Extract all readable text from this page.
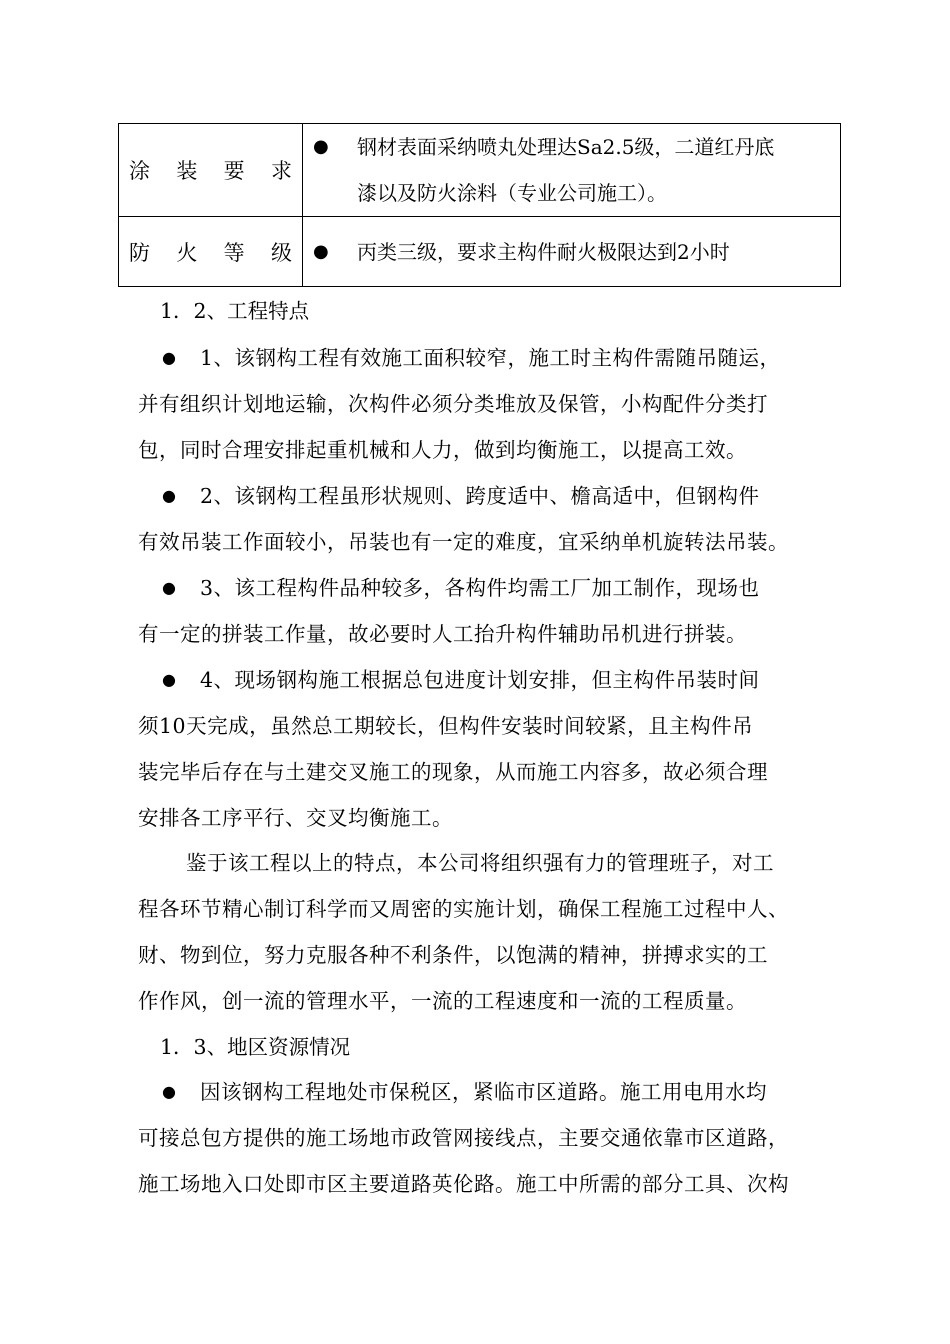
涂 装 要 求	● 钢材表面采纳喷丸处理达Sa2.5级，二道红丹底
漆以及防火涂料（专业公司施工）。

防 火 等 级	● 丙类三级，要求主构件耐火极限达到2小时
1．2、工程特点
● 1、该钢构工程有效施工面积较窄，施工时主构件需随吊随运，
并有组织计划地运输，次构件必须分类堆放及保管，小构配件分类打
包，同时合理安排起重机械和人力，做到均衡施工，以提高工效。
● 2、该钢构工程虽形状规则、跨度适中、檐高适中，但钢构件
有效吊装工作面较小，吊装也有一定的难度，宜采纳单机旋转法吊装。
● 3、该工程构件品种较多，各构件均需工厂加工制作，现场也
有一定的拼装工作量，故必要时人工抬升构件辅助吊机进行拼装。
● 4、现场钢构施工根据总包进度计划安排，但主构件吊装时间
须10天完成，虽然总工期较长，但构件安装时间较紧，且主构件吊
装完毕后存在与土建交叉施工的现象，从而施工内容多，故必须合理
安排各工序平行、交叉均衡施工。
鉴于该工程以上的特点，本公司将组织强有力的管理班子，对工
程各环节精心制订科学而又周密的实施计划，确保工程施工过程中人、
财、物到位，努力克服各种不利条件，以饱满的精神，拼搏求实的工
作作风，创一流的管理水平，一流的工程速度和一流的工程质量。
1．3、地区资源情况
● 因该钢构工程地处市保税区，紧临市区道路。施工用电用水均
可接总包方提供的施工场地市政管网接线点，主要交通依靠市区道路，
施工场地入口处即市区主要道路英伦路。施工中所需的部分工具、次构
